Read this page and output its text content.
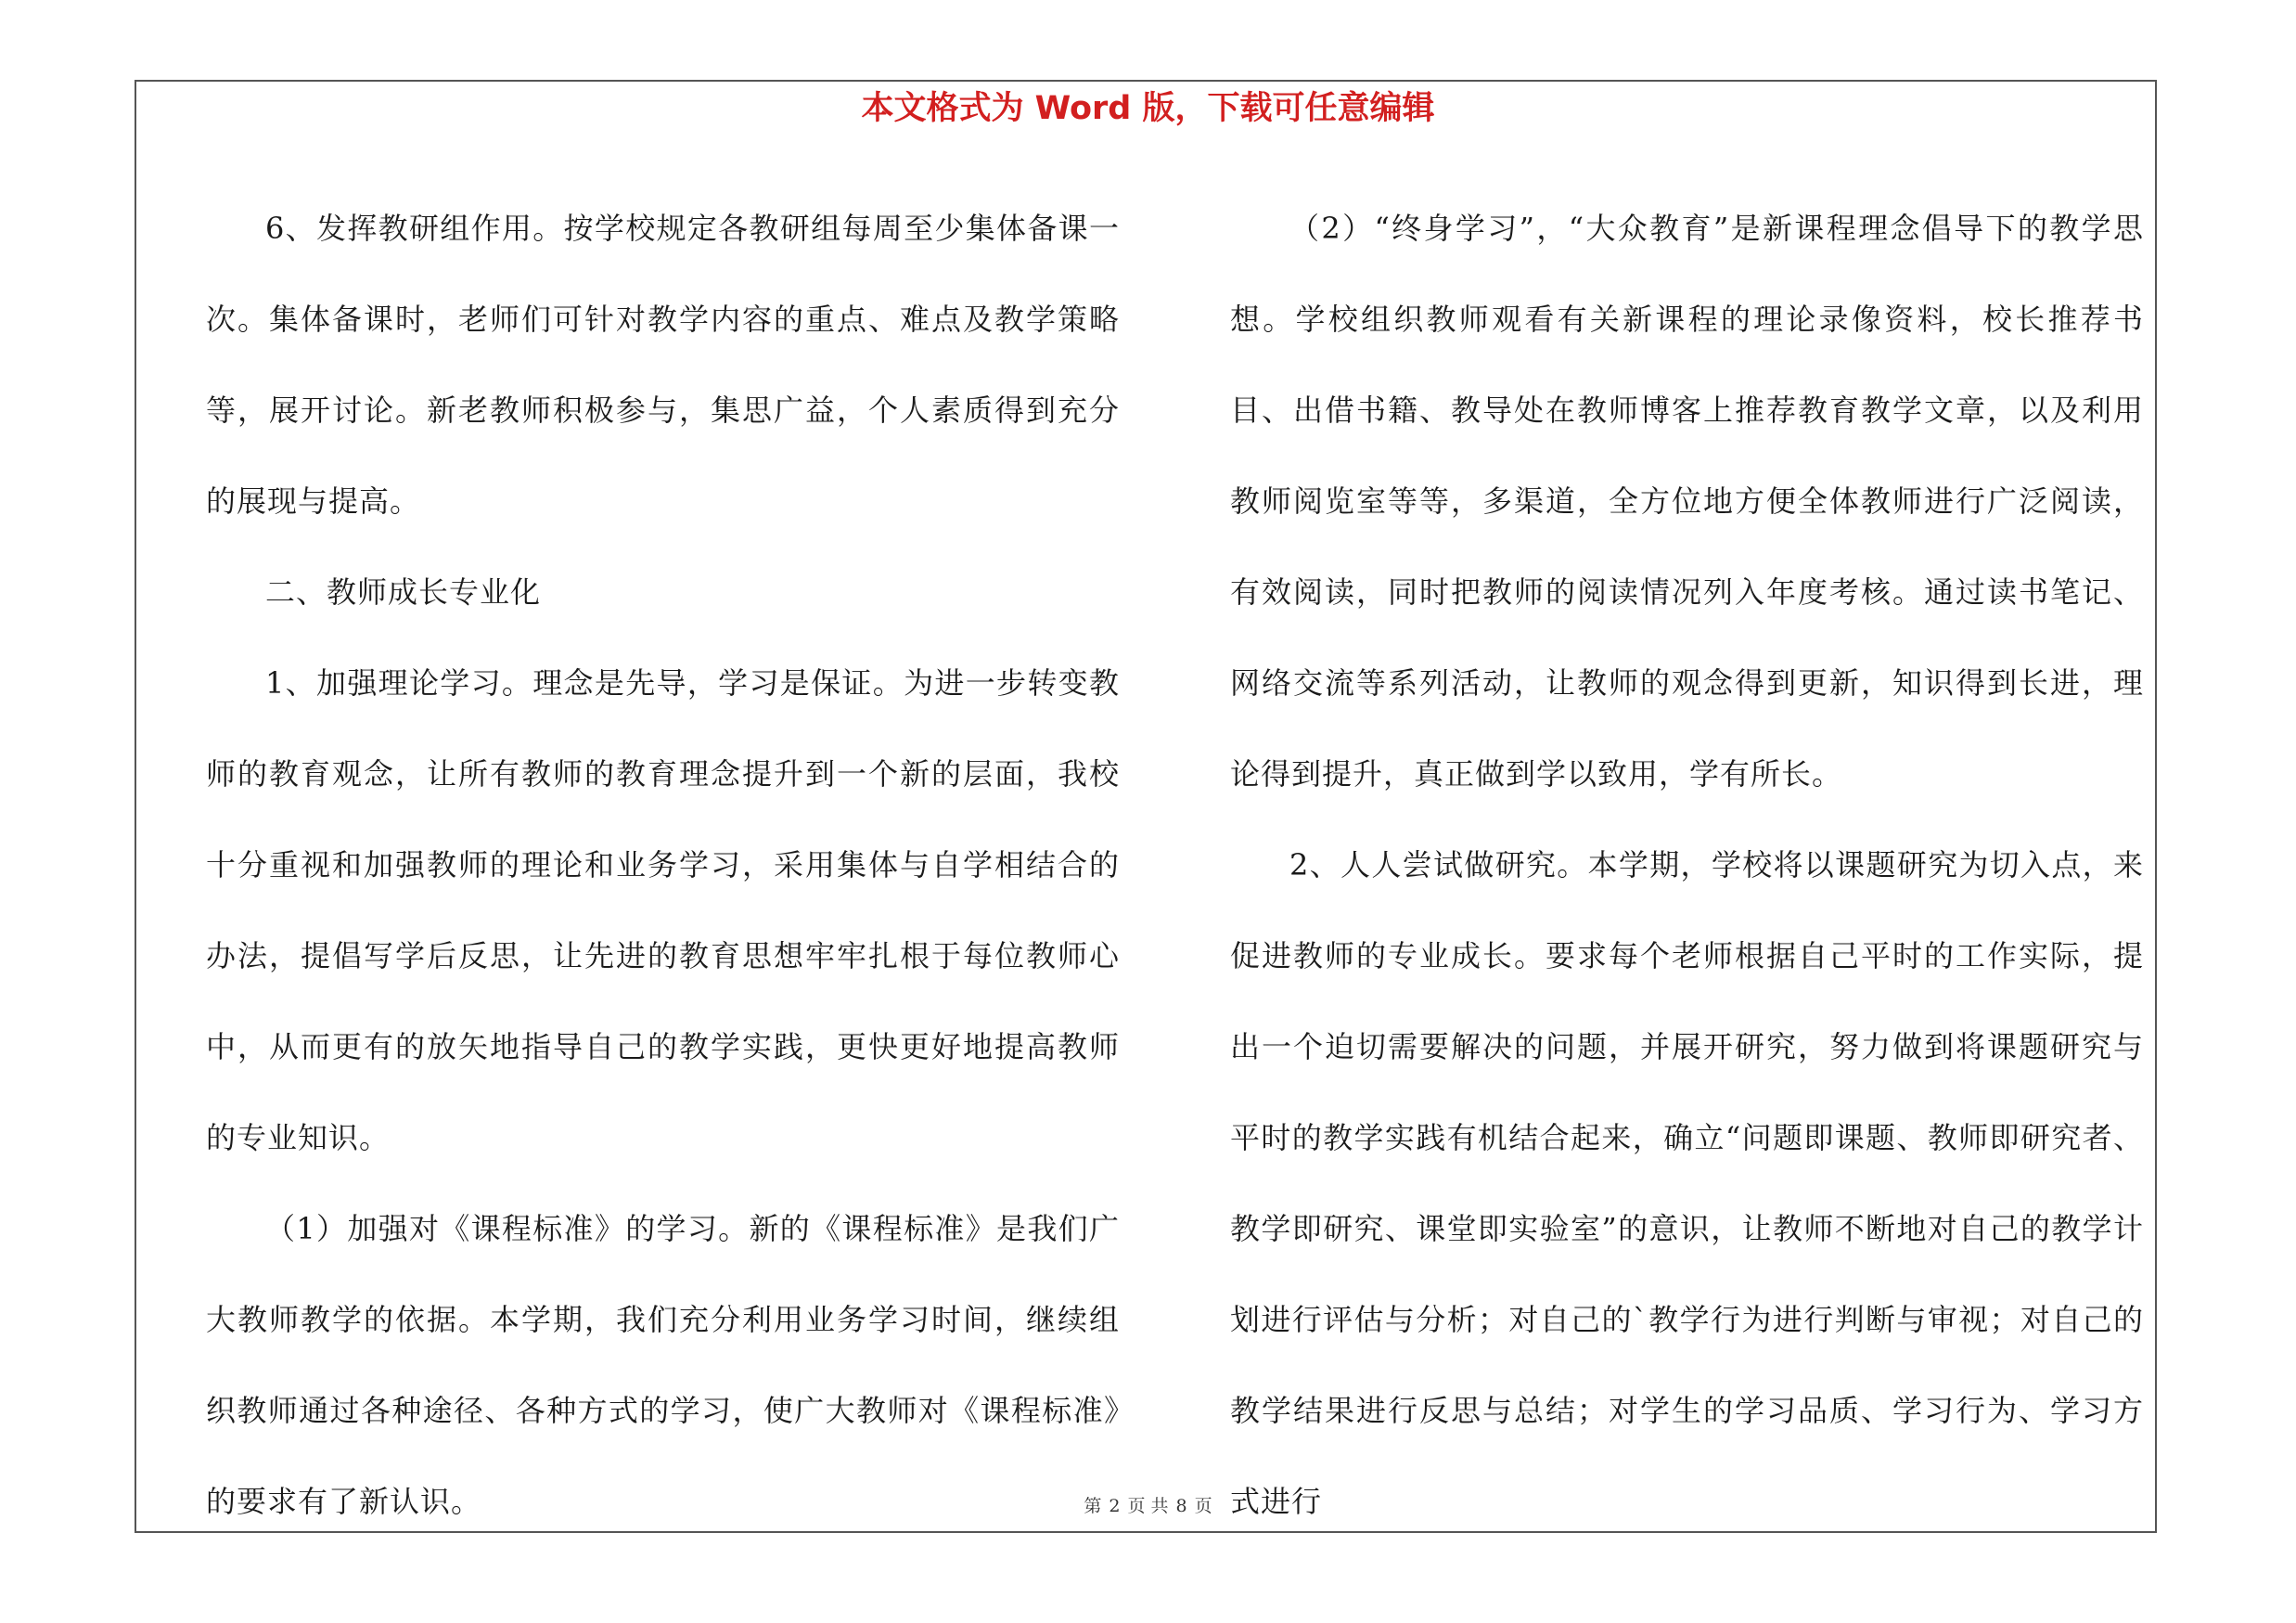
本文格式为 Word 版，下载可任意编辑

6、发挥教研组作用。按学校规定各教研组每周至少集体备课一次。集体备课时，老师们可针对教学内容的重点、难点及教学策略等，展开讨论。新老教师积极参与，集思广益，个人素质得到充分的展现与提高。

二、教师成长专业化

1、加强理论学习。理念是先导，学习是保证。为进一步转变教师的教育观念，让所有教师的教育理念提升到一个新的层面，我校十分重视和加强教师的理论和业务学习，采用集体与自学相结合的办法，提倡写学后反思，让先进的教育思想牢牢扎根于每位教师心中，从而更有的放矢地指导自己的教学实践，更快更好地提高教师的专业知识。

（1）加强对《课程标准》的学习。新的《课程标准》是我们广大教师教学的依据。本学期，我们充分利用业务学习时间，继续组织教师通过各种途径、各种方式的学习，使广大教师对《课程标准》的要求有了新认识。

（2）“终身学习”，“大众教育”是新课程理念倡导下的教学思想。学校组织教师观看有关新课程的理论录像资料，校长推荐书目、出借书籍、教导处在教师博客上推荐教育教学文章，以及利用教师阅览室等等，多渠道，全方位地方便全体教师进行广泛阅读，有效阅读，同时把教师的阅读情况列入年度考核。通过读书笔记、网络交流等系列活动，让教师的观念得到更新，知识得到长进，理论得到提升，真正做到学以致用，学有所长。

2、人人尝试做研究。本学期，学校将以课题研究为切入点，来促进教师的专业成长。要求每个老师根据自己平时的工作实际，提出一个迫切需要解决的问题，并展开研究，努力做到将课题研究与平时的教学实践有机结合起来，确立“问题即课题、教师即研究者、教学即研究、课堂即实验室”的意识，让教师不断地对自己的教学计划进行评估与分析；对自己的`教学行为进行判断与审视；对自己的教学结果进行反思与总结；对学生的学习品质、学习行为、学习方式进行

第 2 页 共 8 页
